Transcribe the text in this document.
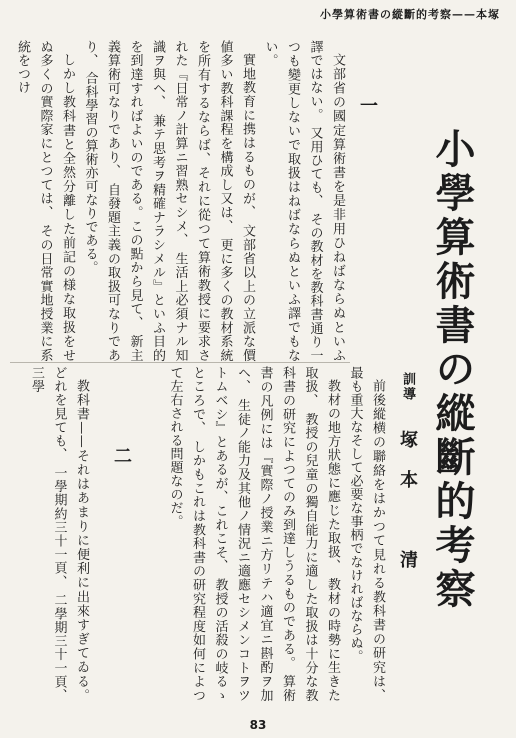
小學算術書の縱斷的考察——本塚
小學算術書の縱斷的考察
訓導塚本　清
一

文部省の國定算術書を是非用ひねばならぬといふ譯ではない。 又用ひても、 その教材を教科書通り一つも變更しないで取扱はねばならぬといふ譯でもない。

實地教育に携はるものが、 文部省以上の立派な價値多い教科課程を構成し又は、 更に多くの教材系統を所有するならば、それに從つて算術教授に要求された『日常ノ計算ニ習熟セシメ、 生活上必須ナル知識ヲ與ヘ、 兼テ思考ヲ精確ナラシメル』といふ目的を到達すればよいのである。この點から見て、 新主義算術可なりであり、 自發題主義の取扱可なりであり、 合科學習の算術亦可なりである。

しかし教科書と全然分離した前記の様な取扱をせぬ多くの實際家にとつては、 その日常實地授業に系統をつけ

前後縱横の聯絡をはかつて見れる教科書の研究は、 最も重大なそして必要な事柄でなければならぬ。

教材の地方狀態に應じた取扱、 教材の時勢に生きた取扱、 教授の兒童の獨自能力に適した取扱は十分な教科書の研究によつてのみ到達しうるものである。 算術書の凡例には『實際ノ授業ニ方リテハ適宜ニ斟酌ヲ加ヘ、 生徒ノ能力及其他ノ情況ニ適應セシメンコトヲツトムベシ』とあるが、これこそ、 教授の活殺の岐るゝところで、 しかもこれは教科書の研究程度如何によつて左右される問題なのだ。

二

教科書——それはあまりに便利に出來すぎてゐる。どれを見ても、 一學期約三十一頁、 二學期三十一頁、 三學

83
